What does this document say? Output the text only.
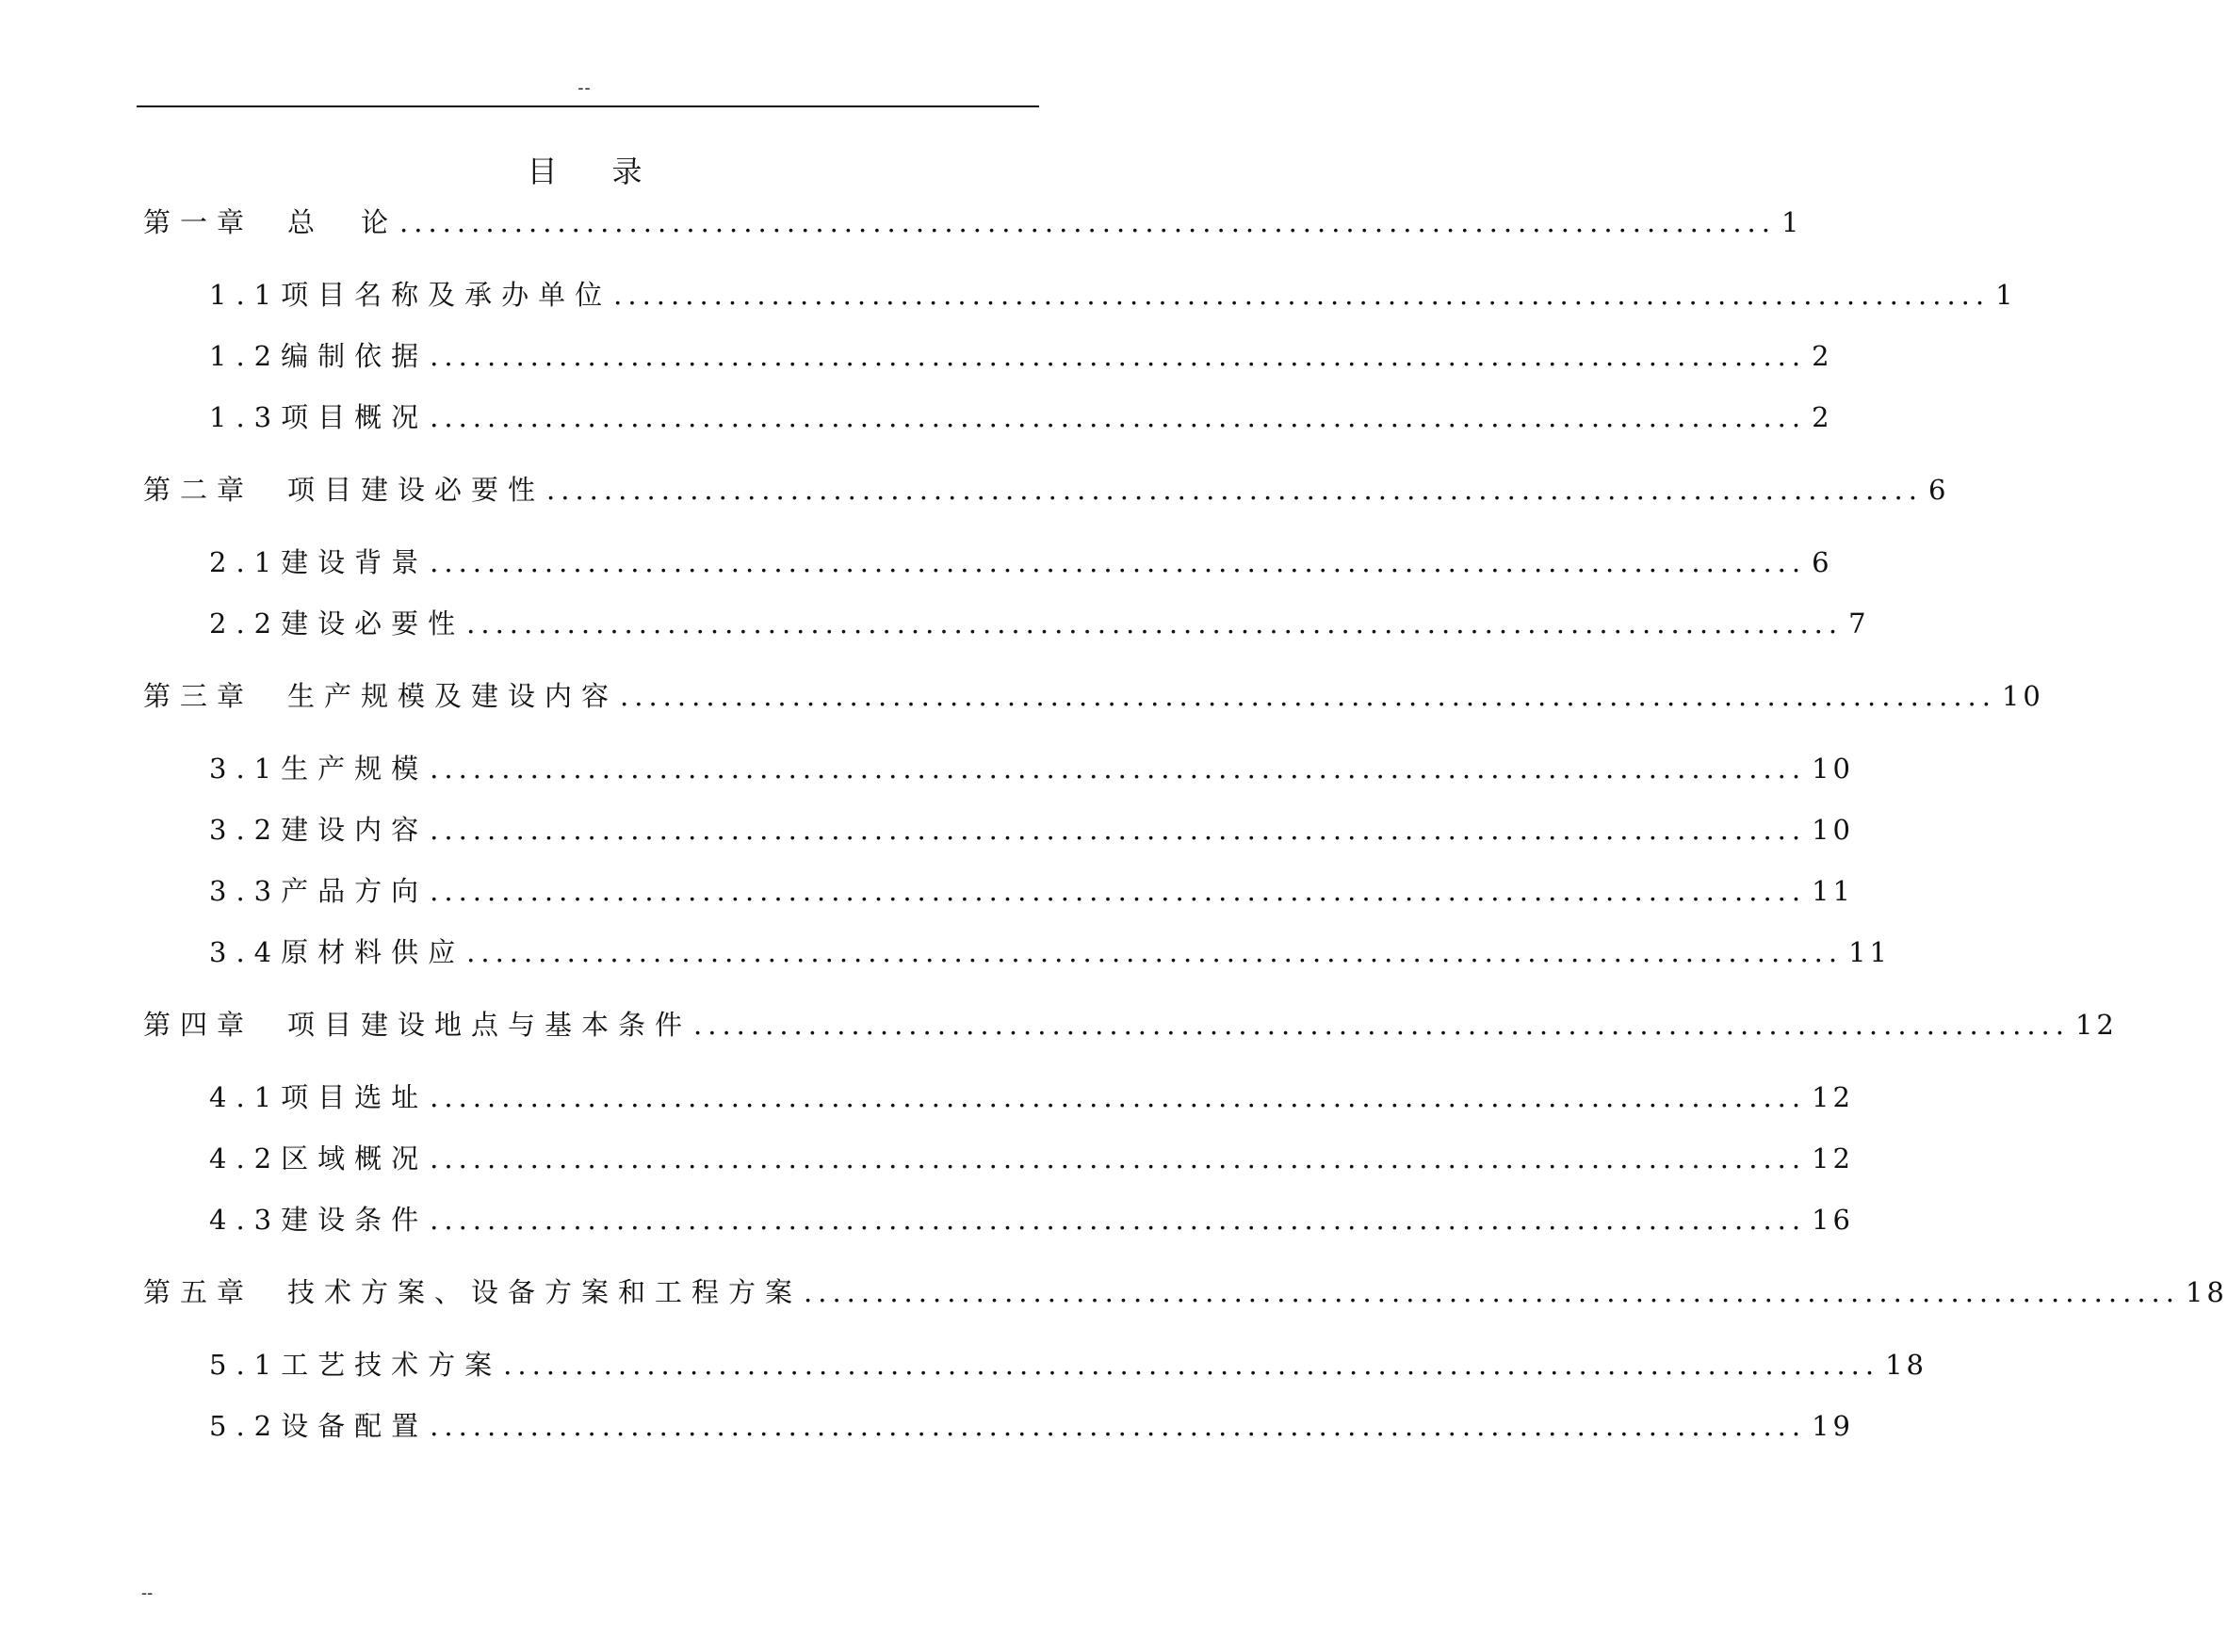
--
目录
第一章 总　论 ................................................................................................ 1
1.1 项目名称及承办单位 ................................................................................................ 1
1.2 编制依据 ................................................................................................ 2
1.3 项目概况 ................................................................................................ 2
第二章 项目建设必要性 ................................................................................................ 6
2.1 建设背景 ................................................................................................ 6
2.2 建设必要性 ................................................................................................ 7
第三章 生产规模及建设内容 ................................................................................................ 10
3.1 生产规模 ................................................................................................ 10
3.2 建设内容 ................................................................................................ 10
3.3 产品方向 ................................................................................................ 11
3.4 原材料供应 ................................................................................................ 11
第四章 项目建设地点与基本条件 ................................................................................................ 12
4.1 项目选址 ................................................................................................ 12
4.2 区域概况 ................................................................................................ 12
4.3 建设条件 ................................................................................................ 16
第五章 技术方案、设备方案和工程方案 ................................................................................................ 18
5.1 工艺技术方案 ................................................................................................ 18
5.2 设备配置 ................................................................................................ 19
--
